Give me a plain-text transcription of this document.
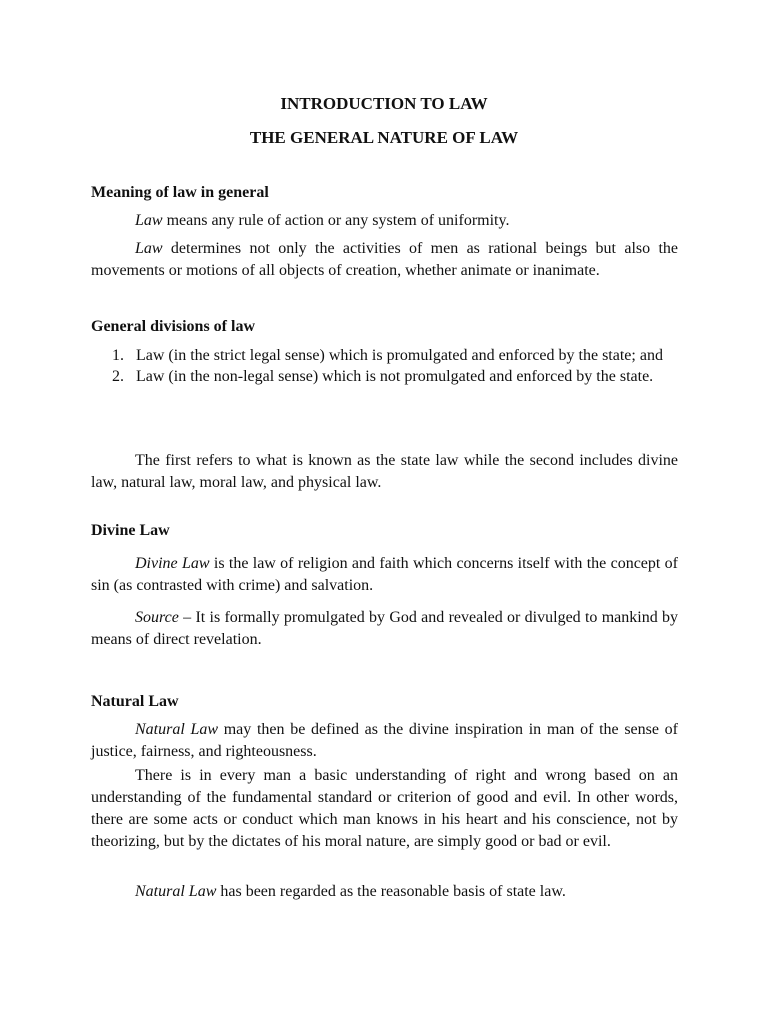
INTRODUCTION TO LAW
THE GENERAL NATURE OF LAW
Meaning of law in general

Law means any rule of action or any system of uniformity.

Law determines not only the activities of men as rational beings but also the movements or motions of all objects of creation, whether animate or inanimate.

General divisions of law
1. Law (in the strict legal sense) which is promulgated and enforced by the state; and
2. Law (in the non-legal sense) which is not promulgated and enforced by the state.

The first refers to what is known as the state law while the second includes divine law, natural law, moral law, and physical law.

Divine Law

Divine Law is the law of religion and faith which concerns itself with the concept of sin (as contrasted with crime) and salvation.

Source – It is formally promulgated by God and revealed or divulged to mankind by means of direct revelation.

Natural Law

Natural Law may then be defined as the divine inspiration in man of the sense of justice, fairness, and righteousness.

There is in every man a basic understanding of right and wrong based on an understanding of the fundamental standard or criterion of good and evil. In other words, there are some acts or conduct which man knows in his heart and his conscience, not by theorizing, but by the dictates of his moral nature, are simply good or bad or evil.

Natural Law has been regarded as the reasonable basis of state law.
